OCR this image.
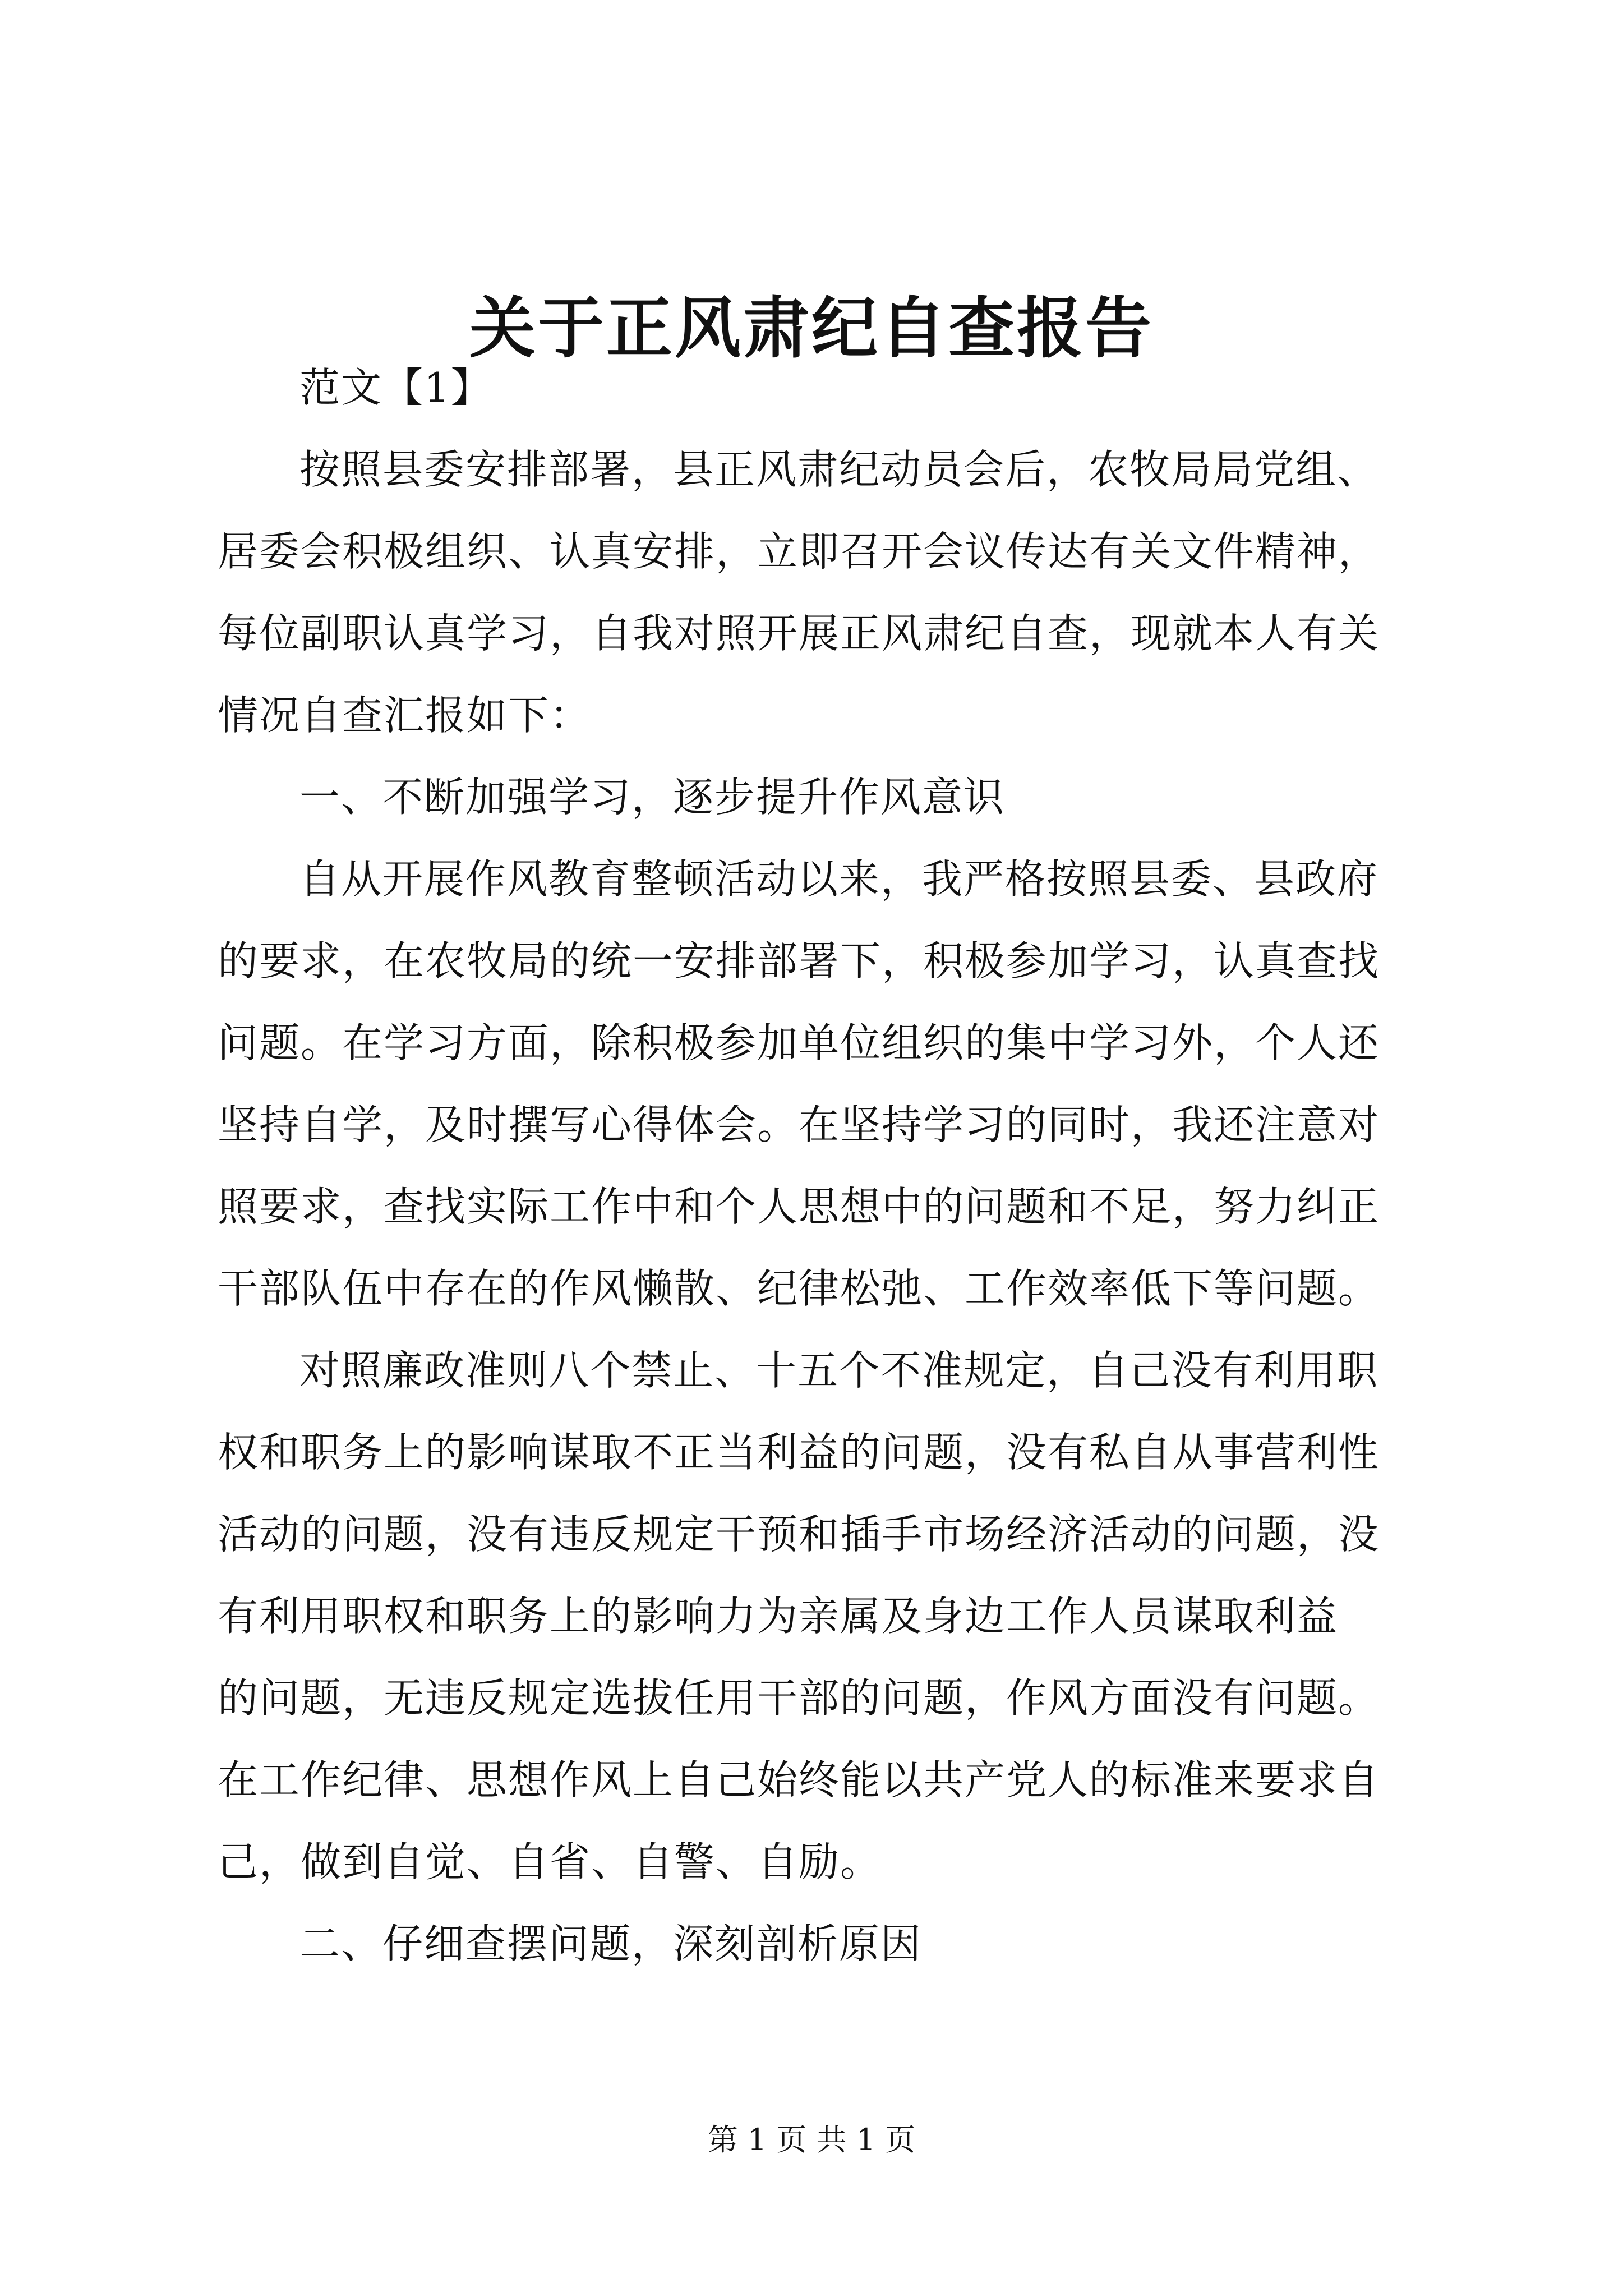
关于正风肃纪自查报告
范文【1】
按照县委安排部署，县正风肃纪动员会后，农牧局局党组、
居委会积极组织、认真安排，立即召开会议传达有关文件精神，
每位副职认真学习，自我对照开展正风肃纪自查，现就本人有关
情况自查汇报如下：
一、不断加强学习，逐步提升作风意识
自从开展作风教育整顿活动以来，我严格按照县委、县政府
的要求，在农牧局的统一安排部署下，积极参加学习，认真查找
问题。在学习方面，除积极参加单位组织的集中学习外，个人还
坚持自学，及时撰写心得体会。在坚持学习的同时，我还注意对
照要求，查找实际工作中和个人思想中的问题和不足，努力纠正
干部队伍中存在的作风懒散、纪律松弛、工作效率低下等问题。
对照廉政准则八个禁止、十五个不准规定，自己没有利用职
权和职务上的影响谋取不正当利益的问题，没有私自从事营利性
活动的问题，没有违反规定干预和插手市场经济活动的问题，没
有利用职权和职务上的影响力为亲属及身边工作人员谋取利益
的问题，无违反规定选拔任用干部的问题，作风方面没有问题。
在工作纪律、思想作风上自己始终能以共产党人的标准来要求自
己，做到自觉、自省、自警、自励。
二、仔细查摆问题，深刻剖析原因
第 1 页 共 1 页
